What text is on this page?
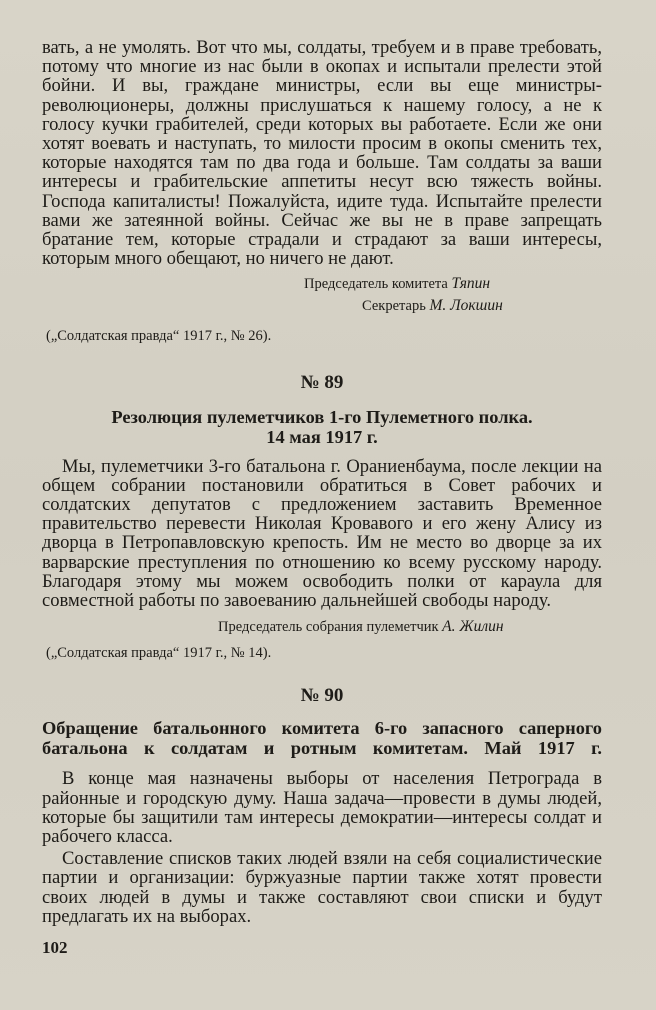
вать, а не умолять. Вот что мы, солдаты, требуем и в праве требовать, потому что многие из нас были в окопах и испытали прелести этой бойни. И вы, граждане министры, если вы еще министры-революционеры, должны прислушаться к нашему голосу, а не к голосу кучки грабителей, среди которых вы работаете. Если же они хотят воевать и наступать, то милости просим в окопы сменить тех, которые находятся там по два года и больше. Там солдаты за ваши интересы и грабительские аппетиты несут всю тяжесть войны. Господа капиталисты! Пожалуйста, идите туда. Испытайте прелести вами же затеянной войны. Сейчас же вы не в праве запрещать братание тем, которые страдали и страдают за ваши интересы, которым много обещают, но ничего не дают.

Председатель комитета Тяпин

Секретарь М. Локшин

(„Солдатская правда“ 1917 г., № 26).

№ 89

Резолюция пулеметчиков 1-го Пулеметного полка.
14 мая 1917 г.

Мы, пулеметчики 3-го батальона г. Ораниенбаума, после лекции на общем собрании постановили обратиться в Совет рабочих и солдатских депутатов с предложением заставить Временное правительство перевести Николая Кровавого и его жену Алису из дворца в Петропавловскую крепость. Им не место во дворце за их варварские преступления по отношению ко всему русскому народу. Благодаря этому мы можем освободить полки от караула для совместной работы по завоеванию дальнейшей свободы народу.

Председатель собрания пулеметчик А. Жилин

(„Солдатская правда“ 1917 г., № 14).

№ 90

Обращение батальонного комитета 6-го запасного саперного батальона к солдатам и ротным комитетам. Май 1917 г.

В конце мая назначены выборы от населения Петрограда в районные и городскую думу. Наша задача—провести в думы людей, которые бы защитили там интересы демократии—интересы солдат и рабочего класса.

Составление списков таких людей взяли на себя социалистические партии и организации: буржуазные партии также хотят провести своих людей в думы и также составляют свои списки и будут предлагать их на выборах.

102
